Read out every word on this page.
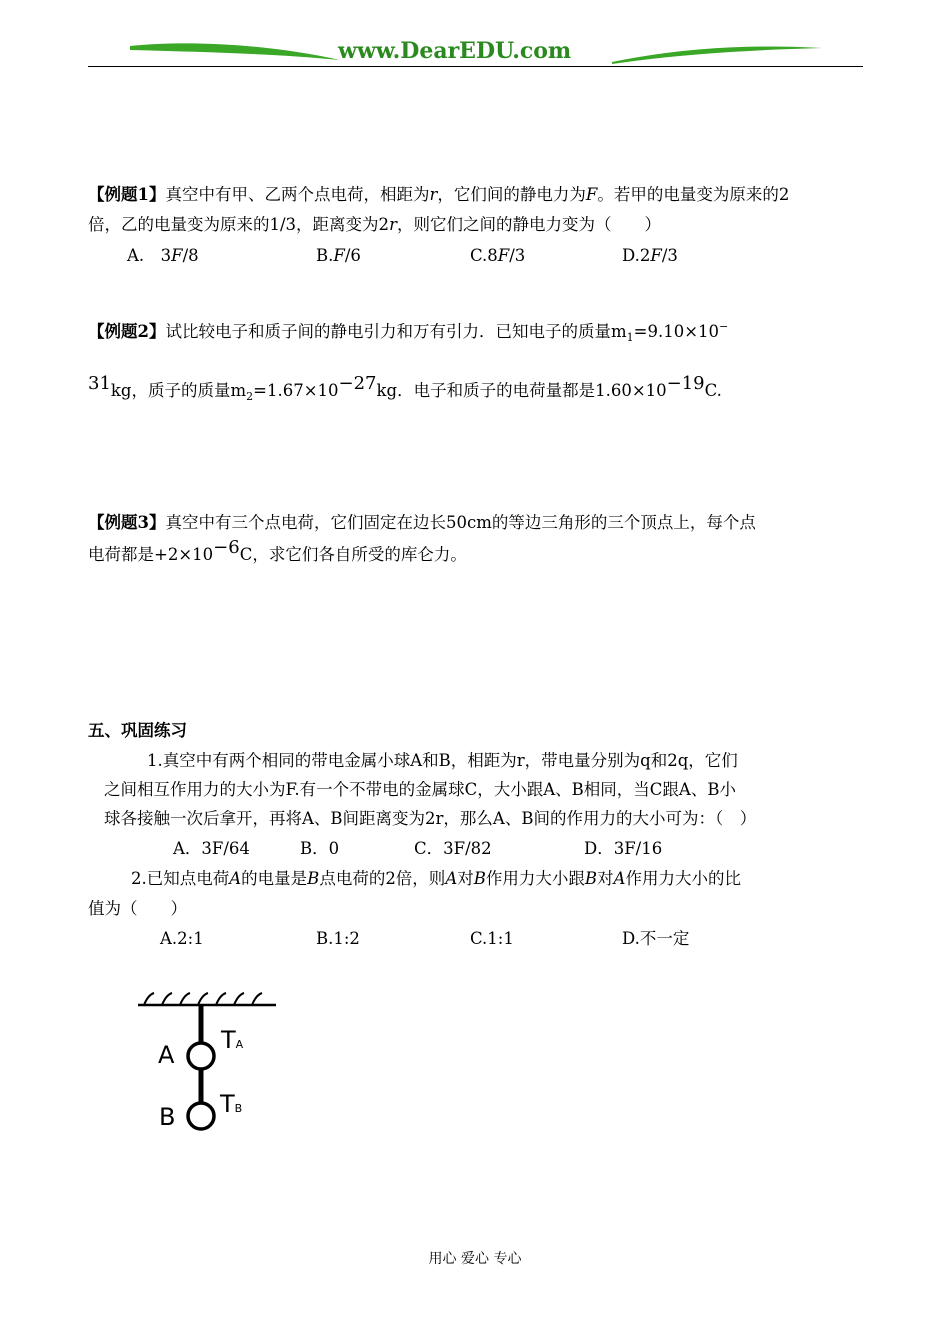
www.DearEDU.com
【例题1】真空中有甲、乙两个点电荷，相距为r，它们间的静电力为F。若甲的电量变为原来的2
倍，乙的电量变为原来的1/3，距离变为2r，则它们之间的静电力变为（　　）
A.　3F/8	B.F/6	C.8F/3	D.2F/3
【例题2】试比较电子和质子间的静电引力和万有引力．已知电子的质量$m_1=9.10\times 10^-$
$^{31}$kg，质子的质量$m_2=1.67\times 10^{-27}kg$．电子和质子的电荷量都是$1.60\times 10^{-19}C$.
【例题3】真空中有三个点电荷，它们固定在边长50cm的等边三角形的三个顶点上，每个点
电荷都是$+2\times 10^{-6}C$，求它们各自所受的库仑力。
五、巩固练习
1.真空中有两个相同的带电金属小球A和B，相距为r，带电量分别为q和2q，它们
之间相互作用力的大小为F.有一个不带电的金属球C，大小跟A、B相同，当C跟A、B小
球各接触一次后拿开，再将A、B间距离变为2r，那么A、B间的作用力的大小可为：（　）
A．3F/64	B．0	C．3F/82	D．3F/16
2.已知点电荷A的电量是B点电荷的2倍，则A对B作用力大小跟B对A作用力大小的比
值为（　　）
A.2:1	B.1:2	C.1:1	D.不一定
A
TA
B TB
用心 爱心 专心
